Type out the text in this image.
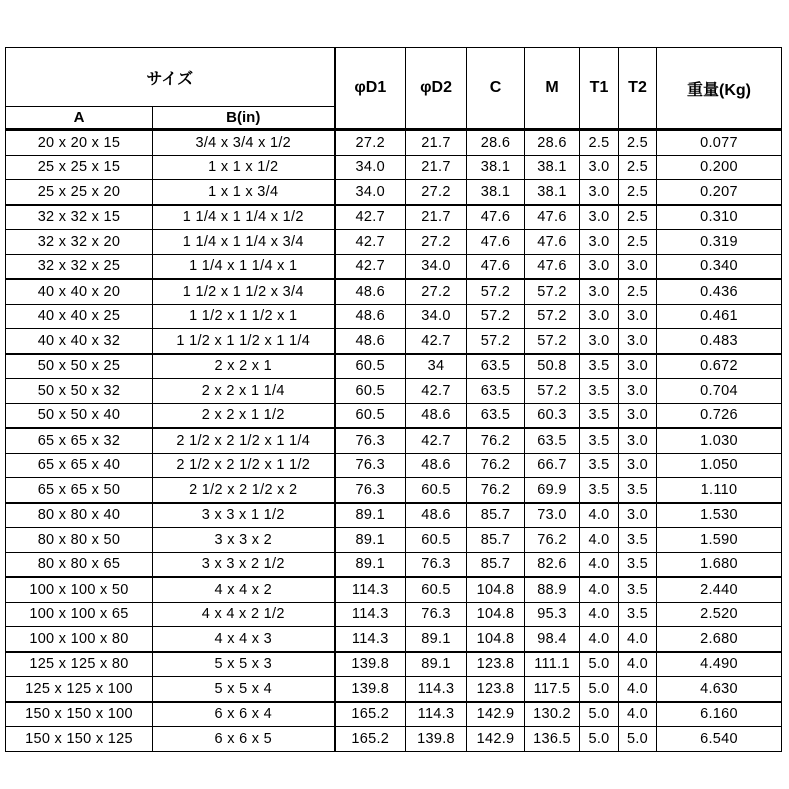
サイズ		φD1	φD2	C	M	T1	T2	重量(Kg)
A	B(in)							
20 x 20 x 15	3/4 x 3/4 x 1/2	27.2	21.7	28.6	28.6	2.5	2.5	0.077
25 x 25 x 15	1 x 1 x 1/2	34.0	21.7	38.1	38.1	3.0	2.5	0.200
25 x 25 x 20	1 x 1 x 3/4	34.0	27.2	38.1	38.1	3.0	2.5	0.207
32 x 32 x 15	1 1/4 x 1 1/4 x 1/2	42.7	21.7	47.6	47.6	3.0	2.5	0.310
32 x 32 x 20	1 1/4 x 1 1/4 x 3/4	42.7	27.2	47.6	47.6	3.0	2.5	0.319
32 x 32 x 25	1 1/4 x 1 1/4 x 1	42.7	34.0	47.6	47.6	3.0	3.0	0.340
40 x 40 x 20	1 1/2 x 1 1/2 x 3/4	48.6	27.2	57.2	57.2	3.0	2.5	0.436
40 x 40 x 25	1 1/2 x 1 1/2 x 1	48.6	34.0	57.2	57.2	3.0	3.0	0.461
40 x 40 x 32	1 1/2 x 1 1/2 x 1 1/4	48.6	42.7	57.2	57.2	3.0	3.0	0.483
50 x 50 x 25	2 x 2 x 1	60.5	34	63.5	50.8	3.5	3.0	0.672
50 x 50 x 32	2 x 2 x 1 1/4	60.5	42.7	63.5	57.2	3.5	3.0	0.704
50 x 50 x 40	2 x 2 x 1 1/2	60.5	48.6	63.5	60.3	3.5	3.0	0.726
65 x 65 x 32	2 1/2 x 2 1/2 x 1 1/4	76.3	42.7	76.2	63.5	3.5	3.0	1.030
65 x 65 x 40	2 1/2 x 2 1/2 x 1 1/2	76.3	48.6	76.2	66.7	3.5	3.0	1.050
65 x 65 x 50	2 1/2 x 2 1/2 x 2	76.3	60.5	76.2	69.9	3.5	3.5	1.110
80 x 80 x 40	3 x 3 x 1 1/2	89.1	48.6	85.7	73.0	4.0	3.0	1.530
80 x 80 x 50	3 x 3 x 2	89.1	60.5	85.7	76.2	4.0	3.5	1.590
80 x 80 x 65	3 x 3 x 2 1/2	89.1	76.3	85.7	82.6	4.0	3.5	1.680
100 x 100 x 50	4 x 4 x 2	114.3	60.5	104.8	88.9	4.0	3.5	2.440
100 x 100 x 65	4 x 4 x 2 1/2	114.3	76.3	104.8	95.3	4.0	3.5	2.520
100 x 100 x 80	4 x 4 x 3	114.3	89.1	104.8	98.4	4.0	4.0	2.680
125 x 125 x 80	5 x 5 x 3	139.8	89.1	123.8	111.1	5.0	4.0	4.490
125 x 125 x 100	5 x 5 x 4	139.8	114.3	123.8	117.5	5.0	4.0	4.630
150 x 150 x 100	6 x 6 x 4	165.2	114.3	142.9	130.2	5.0	4.0	6.160
150 x 150 x 125	6 x 6 x 5	165.2	139.8	142.9	136.5	5.0	5.0	6.540
